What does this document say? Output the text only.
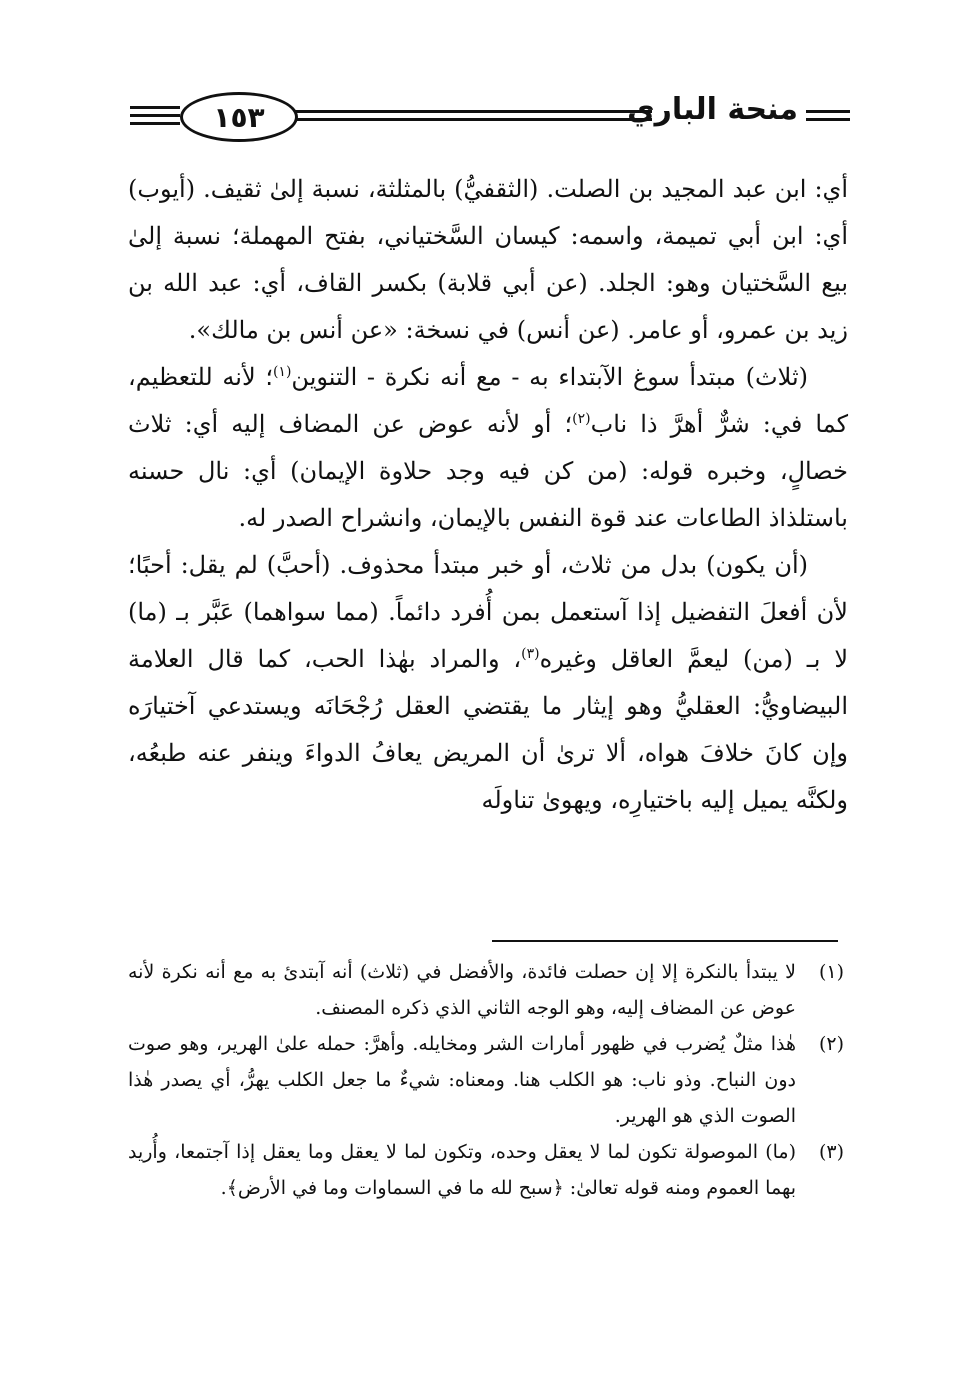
١٥٣	منحة الباري

أي: ابن عبد المجيد بن الصلت. (الثقفيُّ) بالمثلثة، نسبة إلىٰ ثقيف. (أيوب) أي: ابن أبي تميمة، واسمه: كيسان السَّختياني، بفتح المهملة؛ نسبة إلىٰ بيع السَّختيان وهو: الجلد. (عن أبي قلابة) بكسر القاف، أي: عبد الله بن زيد بن عمرو، أو عامر. (عن أنس) في نسخة: «عن أنس بن مالك».

(ثلاث) مبتدأ سوغ الآبتداء به - مع أنه نكرة - التنوين$^{(١)}$؛ لأنه للتعظيم، كما في: شرٌّ أهرَّ ذا ناب$^{(٢)}$؛ أو لأنه عوض عن المضاف إليه أي: ثلاث خصالٍ، وخبره قوله: (من كن فيه وجد حلاوة الإيمان) أي: نال حسنه باستلذاذ الطاعات عند قوة النفس بالإيمان، وانشراح الصدر له.

(أن يكون) بدل من ثلاث، أو خبر مبتدأ محذوف. (أحبَّ) لم يقل: أحبًا؛ لأن أفعلَ التفضيل إذا آستعمل بمن أُفرد دائماً. (مما سواهما) عَبَّر بـ (ما) لا بـ (من) ليعمَّ العاقل وغيره$^{(٣)}$، والمراد بهٰذا الحب، كما قال العلامة البيضاويُّ: العقليُّ وهو إيثار ما يقتضي العقل رُجْحَانَه ويستدعي آختيارَه وإن كانَ خلافَ هواه، ألا ترىٰ أن المريض يعافُ الدواءَ وينفر عنه طبعُه، ولكنَّه يميل إليه باختيارِه، ويهوىٰ تناولَه

(١)
لا يبتدأ بالنكرة إلا إن حصلت فائدة، والأفضل في (ثلاث) أنه آبتدئ به مع أنه نكرة لأنه عوض عن المضاف إليه، وهو الوجه الثاني الذي ذكره المصنف.

(٢)
هٰذا مثلٌ يُضرب في ظهور أمارات الشر ومخايله. وأهرَّ: حمله علىٰ الهرير، وهو صوت دون النباح. وذو ناب: هو الكلب هنا. ومعناه: شيءٌ ما جعل الكلب يهرُّ، أي يصدر هٰذا الصوت الذي هو الهرير.

(٣)
(ما) الموصولة تكون لما لا يعقل وحده، وتكون لما لا يعقل وما يعقل إذا آجتمعا، وأُريد بهما العموم ومنه قوله تعالىٰ: ﴿سبح لله ما في السماوات وما في الأرض﴾.
